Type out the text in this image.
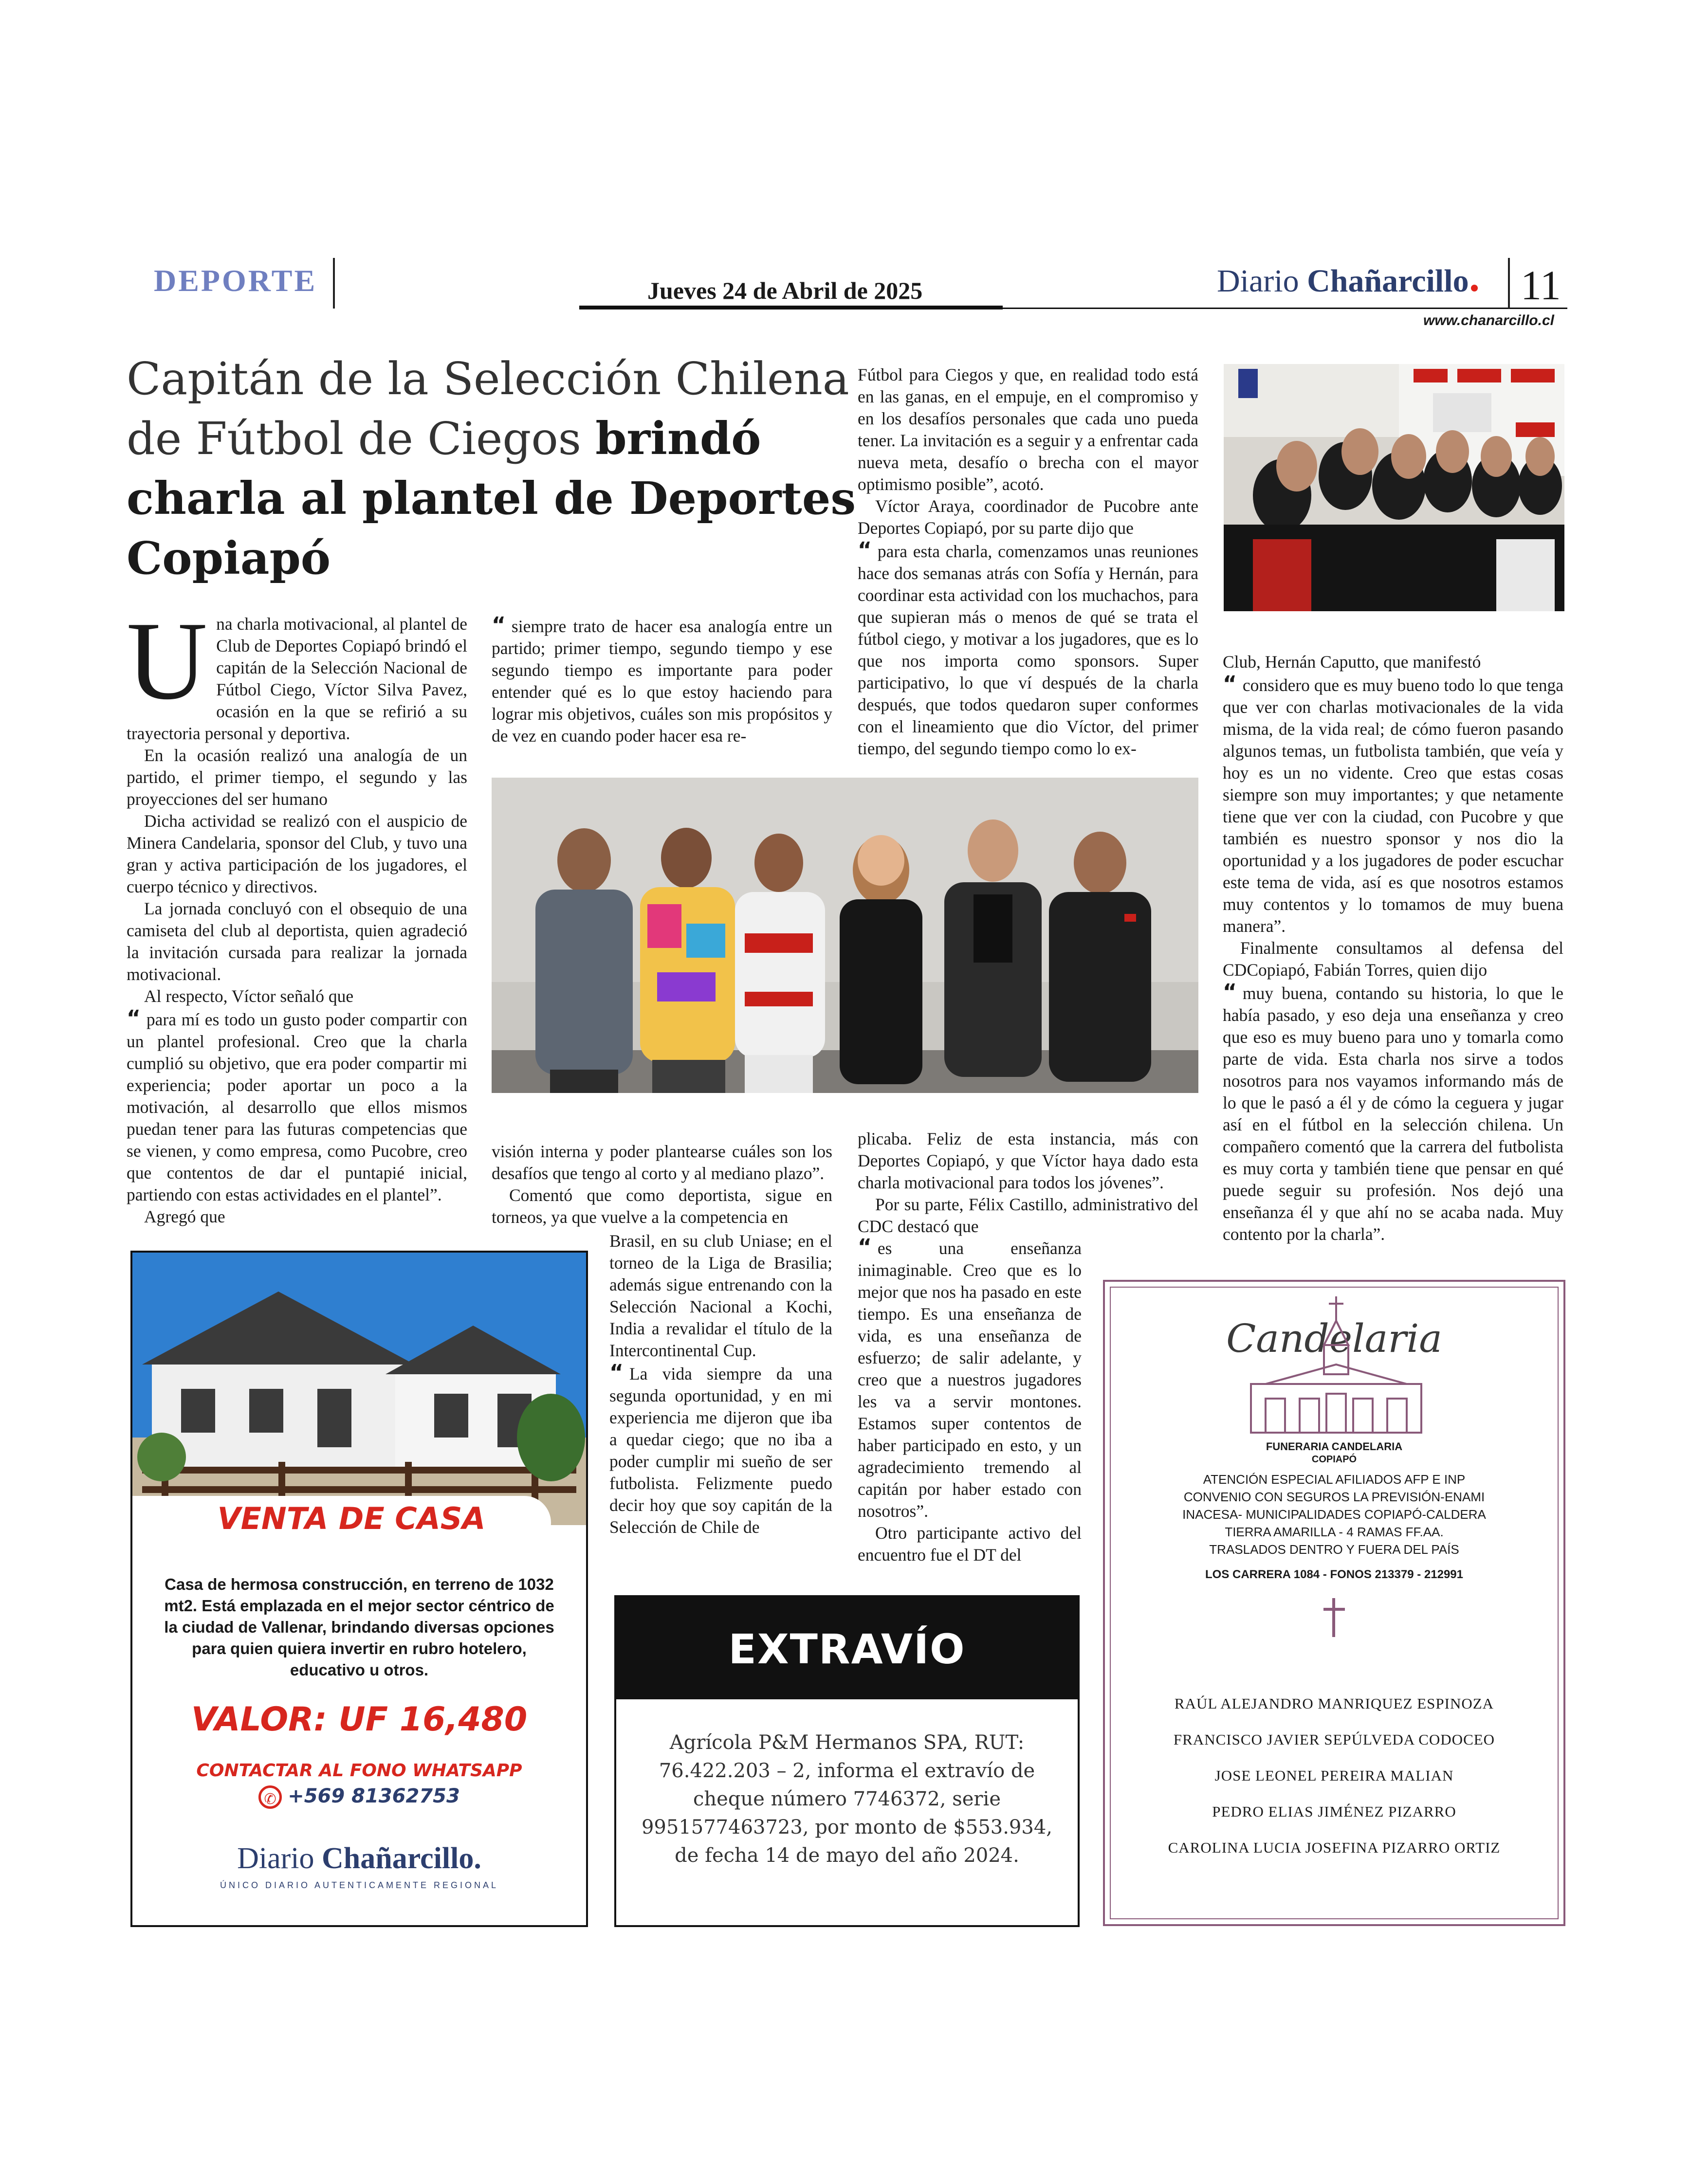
DEPORTE	Jueves 24 de Abril de 2025	Diario Chañarcillo 11
www.chanarcillo.cl
Capitán de la Selección Chilena de Fútbol de Ciegos brindó charla al plantel de Deportes Copiapó
U na charla motivacional, al plantel de Club de Deportes Copiapó brindó el capitán de la Selección Nacional de Fútbol Ciego, Víctor Silva Pavez, ocasión en la que se refirió a su trayectoria personal y deportiva.

En la ocasión realizó una analogía de un partido, el primer tiempo, el segundo y las proyecciones del ser humano

Dicha actividad se realizó con el auspicio de Minera Candelaria, sponsor del Club, y tuvo una gran y activa participación de los jugadores, el cuerpo técnico y directivos.

La jornada concluyó con el obsequio de una camiseta del club al deportista, quien agradeció la invitación cursada para realizar la jornada motivacional.

Al respecto, Víctor señaló que

“ para mí es todo un gusto poder compartir con un plantel profesional. Creo que la charla cumplió su objetivo, que era poder compartir mi experiencia; poder aportar un poco a la motivación, al desarrollo que ellos mismos puedan tener para las futuras competencias que se vienen, y como empresa, como Pucobre, creo que contentos de dar el puntapié inicial, partiendo con estas actividades en el plantel”.

Agregó que

“ siempre trato de hacer esa analogía entre un partido; primer tiempo, segundo tiempo y ese segundo tiempo es importante para poder entender qué es lo que estoy haciendo para lograr mis objetivos, cuáles son mis propósitos y de vez en cuando poder hacer esa re-

Fútbol para Ciegos y que, en realidad todo está en las ganas, en el empuje, en el compromiso y en los desafíos personales que cada uno pueda tener. La invitación es a seguir y a enfrentar cada nueva meta, desafío o brecha con el mayor optimismo posible”, acotó.

Víctor Araya, coordinador de Pucobre ante Deportes Copiapó, por su parte dijo que

“ para esta charla, comenzamos unas reuniones hace dos semanas atrás con Sofía y Hernán, para coordinar esta actividad con los muchachos, para que supieran más o menos de qué se trata el fútbol ciego, y motivar a los jugadores, que es lo que nos importa como sponsors. Super participativo, lo que ví después de la charla después, que todos quedaron super conformes con el lineamiento que dio Víctor, del primer tiempo, del segundo tiempo como lo ex-

Club, Hernán Caputto, que manifestó

“ considero que es muy bueno todo lo que tenga que ver con charlas motivacionales de la vida misma, de la vida real; de cómo fueron pasando algunos temas, un futbolista también, que veía y hoy es un no vidente. Creo que estas cosas siempre son muy importantes; y que netamente tiene que ver con la ciudad, con Pucobre y que también es nuestro sponsor y nos dio la oportunidad y a los jugadores de poder escuchar este tema de vida, así es que nosotros estamos muy contentos y lo tomamos de muy buena manera”.

Finalmente consultamos al defensa del CDCopiapó, Fabián Torres, quien dijo

“ muy buena, contando su historia, lo que le había pasado, y eso deja una enseñanza y creo que eso es muy bueno para uno y tomarla como parte de vida. Esta charla nos sirve a todos nosotros para nos vayamos informando más de lo que le pasó a él y de cómo la ceguera y jugar así en el fútbol en la selección chilena. Un compañero comentó que la carrera del futbolista es muy corta y también tiene que pensar en qué puede seguir su profesión. Nos dejó una enseñanza él y que ahí no se acaba nada. Muy contento por la charla”.

visión interna y poder plantearse cuáles son los desafíos que tengo al corto y al mediano plazo”.

Comentó que como deportista, sigue en torneos, ya que vuelve a la competencia en

Brasil, en su club Uniase; en el torneo de la Liga de Brasilia; además sigue entrenando con la Selección Nacional a Kochi, India a revalidar el título de la Intercontinental Cup.

“ La vida siempre da una segunda oportunidad, y en mi experiencia me dijeron que iba a quedar ciego; que no iba a poder cumplir mi sueño de ser futbolista. Felizmente puedo decir hoy que soy capitán de la Selección de Chile de

plicaba. Feliz de esta instancia, más con Deportes Copiapó, y que Víctor haya dado esta charla motivacional para todos los jóvenes”.

Por su parte, Félix Castillo, administrativo del CDC destacó que

“ es una enseñanza inimaginable. Creo que es lo mejor que nos ha pasado en este tiempo. Es una enseñanza de vida, es una enseñanza de esfuerzo; de salir adelante, y creo que a nuestros jugadores les va a servir montones. Estamos super contentos de haber participado en esto, y un agradecimiento tremendo al capitán por haber estado con nosotros”.

Otro participante activo del encuentro fue el DT del

VENTA DE CASA
Casa de hermosa construcción, en terreno de 1032 mt2. Está emplazada en el mejor sector céntrico de la ciudad de Vallenar, brindando diversas opciones para quien quiera invertir en rubro hotelero, educativo u otros.
VALOR: UF 16,480
CONTACTAR AL FONO WHATSAPP
✆ +569 81362753
Diario Chañarcillo.
ÚNICO DIARIO AUTENTICAMENTE REGIONAL
EXTRAVÍO
Agrícola P&M Hermanos SPA, RUT: 76.422.203 – 2, informa el extravío de cheque número 7746372, serie 9951577463723, por monto de $553.934, de fecha 14 de mayo del año 2024.
Candelaria
FUNERARIA CANDELARIA
COPIAPÓ
ATENCIÓN ESPECIAL AFILIADOS AFP E INP
CONVENIO CON SEGUROS LA PREVISIÓN-ENAMI
INACESA- MUNICIPALIDADES COPIAPÓ-CALDERA
TIERRA AMARILLA - 4 RAMAS FF.AA.
TRASLADOS DENTRO Y FUERA DEL PAÍS
LOS CARRERA 1084 - FONOS 213379 - 212991
RAÚL ALEJANDRO MANRIQUEZ ESPINOZA
FRANCISCO JAVIER SEPÚLVEDA CODOCEO
JOSE LEONEL PEREIRA MALIAN
PEDRO ELIAS JIMÉNEZ PIZARRO
CAROLINA LUCIA JOSEFINA PIZARRO ORTIZ
